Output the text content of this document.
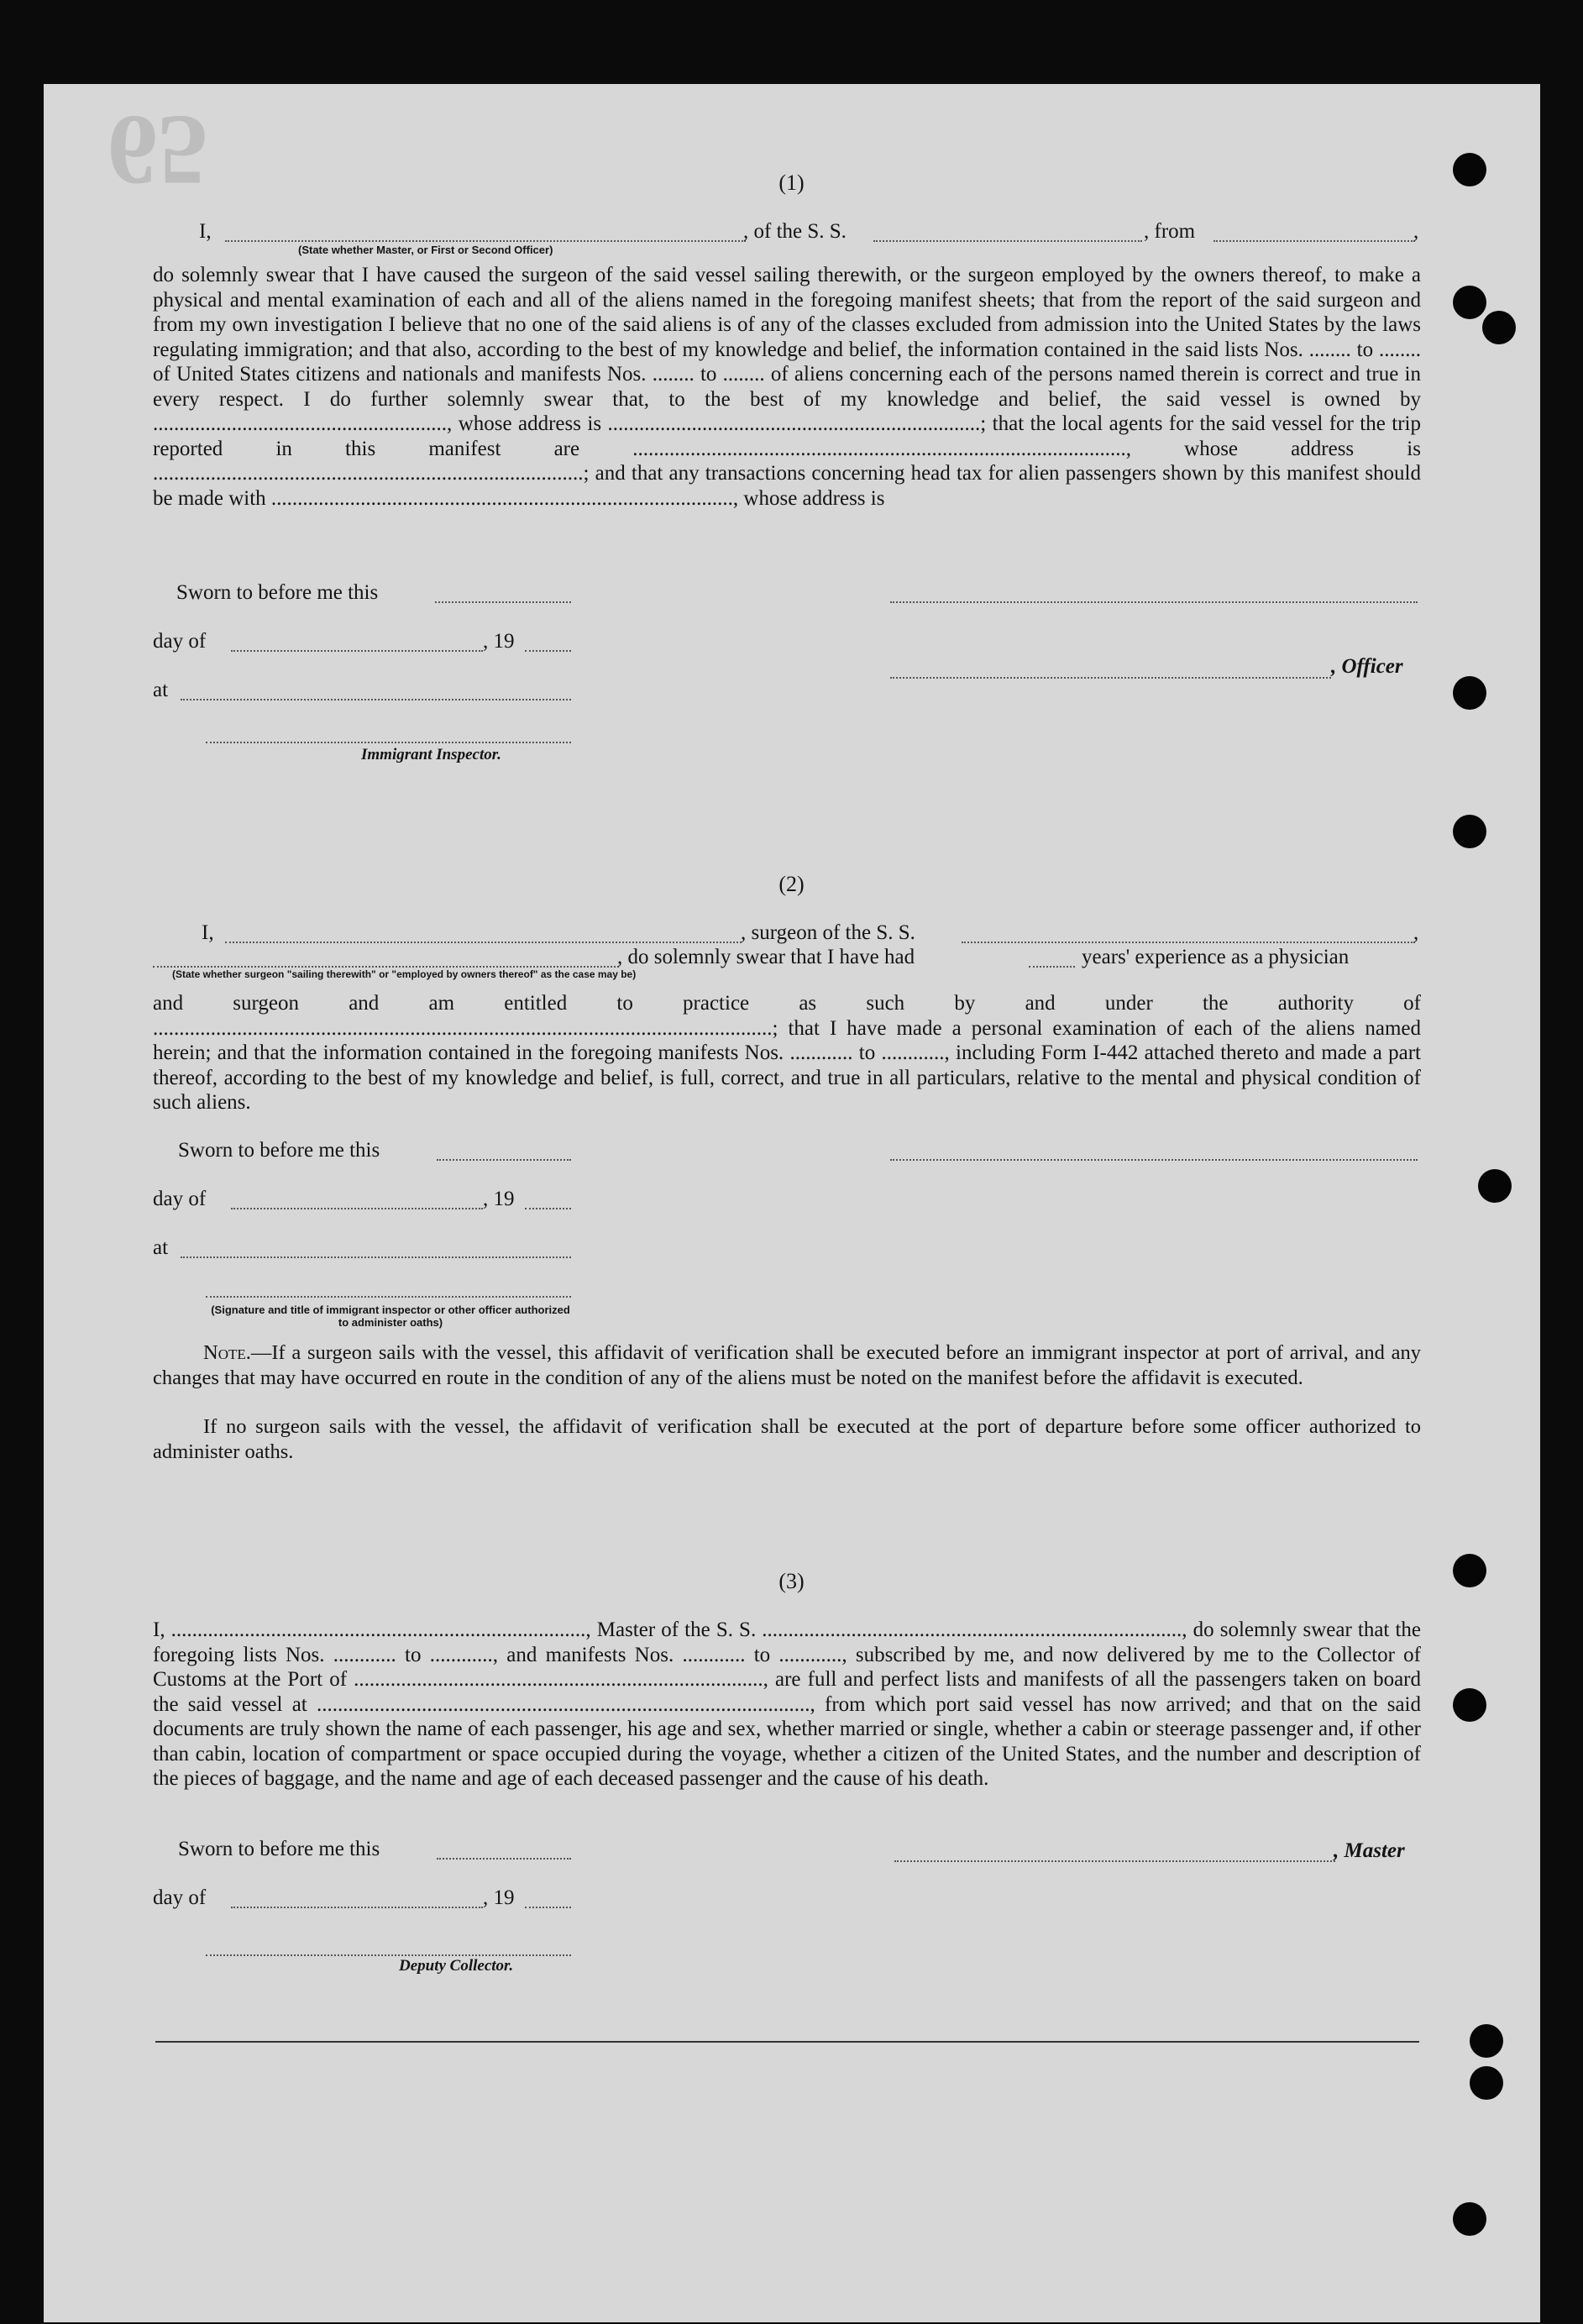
65	(1)
I,	, of the S. S.	, from	,
(State whether Master, or First or Second Officer)
do solemnly swear that I have caused the surgeon of the said vessel sailing therewith, or the surgeon employed by the owners thereof, to make a physical and mental examination of each and all of the aliens named in the foregoing manifest sheets; that from the report of the said surgeon and from my own investigation I believe that no one of the said aliens is of any of the classes excluded from admission into the United States by the laws regulating immigration; and that also, according to the best of my knowledge and belief, the information contained in the said lists Nos. ........ to ........ of United States citizens and nationals and manifests Nos. ........ to ........ of aliens concerning each of the persons named therein is correct and true in every respect. I do further solemnly swear that, to the best of my knowledge and belief, the said vessel is owned by ........................................................, whose address is .......................................................................; that the local agents for the said vessel for the trip reported in this manifest are .............................................................................................., whose address is ..................................................................................; and that any transactions concerning head tax for alien passengers shown by this manifest should be made with ........................................................................................, whose address is
Sworn to before me this
day of	, 19
, Officer
at
Immigrant Inspector.
(2)
I,	, surgeon of the S. S.	,
, do solemnly swear that I have had	years' experience as a physician
(State whether surgeon "sailing therewith" or "employed by owners thereof" as the case may be)
and surgeon and am entitled to practice as such by and under the authority of ......................................................................................................................; that I have made a personal examination of each of the aliens named herein; and that the information contained in the foregoing manifests Nos. ............ to ............, including Form I-442 attached thereto and made a part thereof, according to the best of my knowledge and belief, is full, correct, and true in all particulars, relative to the mental and physical condition of such aliens.
Sworn to before me this
day of	, 19
at
(Signature and title of immigrant inspector or other officer authorized to administer oaths)
Note.—If a surgeon sails with the vessel, this affidavit of verification shall be executed before an immigrant inspector at port of arrival, and any changes that may have occurred en route in the condition of any of the aliens must be noted on the manifest before the affidavit is executed.
If no surgeon sails with the vessel, the affidavit of verification shall be executed at the port of departure before some officer authorized to administer oaths.
(3)
I, ..............................................................................., Master of the S. S. ................................................................................, do solemnly swear that the foregoing lists Nos. ............ to ............, and manifests Nos. ............ to ............, subscribed by me, and now delivered by me to the Collector of Customs at the Port of .............................................................................., are full and perfect lists and manifests of all the passengers taken on board the said vessel at .............................................................................................., from which port said vessel has now arrived; and that on the said documents are truly shown the name of each passenger, his age and sex, whether married or single, whether a cabin or steerage passenger and, if other than cabin, location of compartment or space occupied during the voyage, whether a citizen of the United States, and the number and description of the pieces of baggage, and the name and age of each deceased passenger and the cause of his death.
Sworn to before me this	, Master
day of	, 19
Deputy Collector.
